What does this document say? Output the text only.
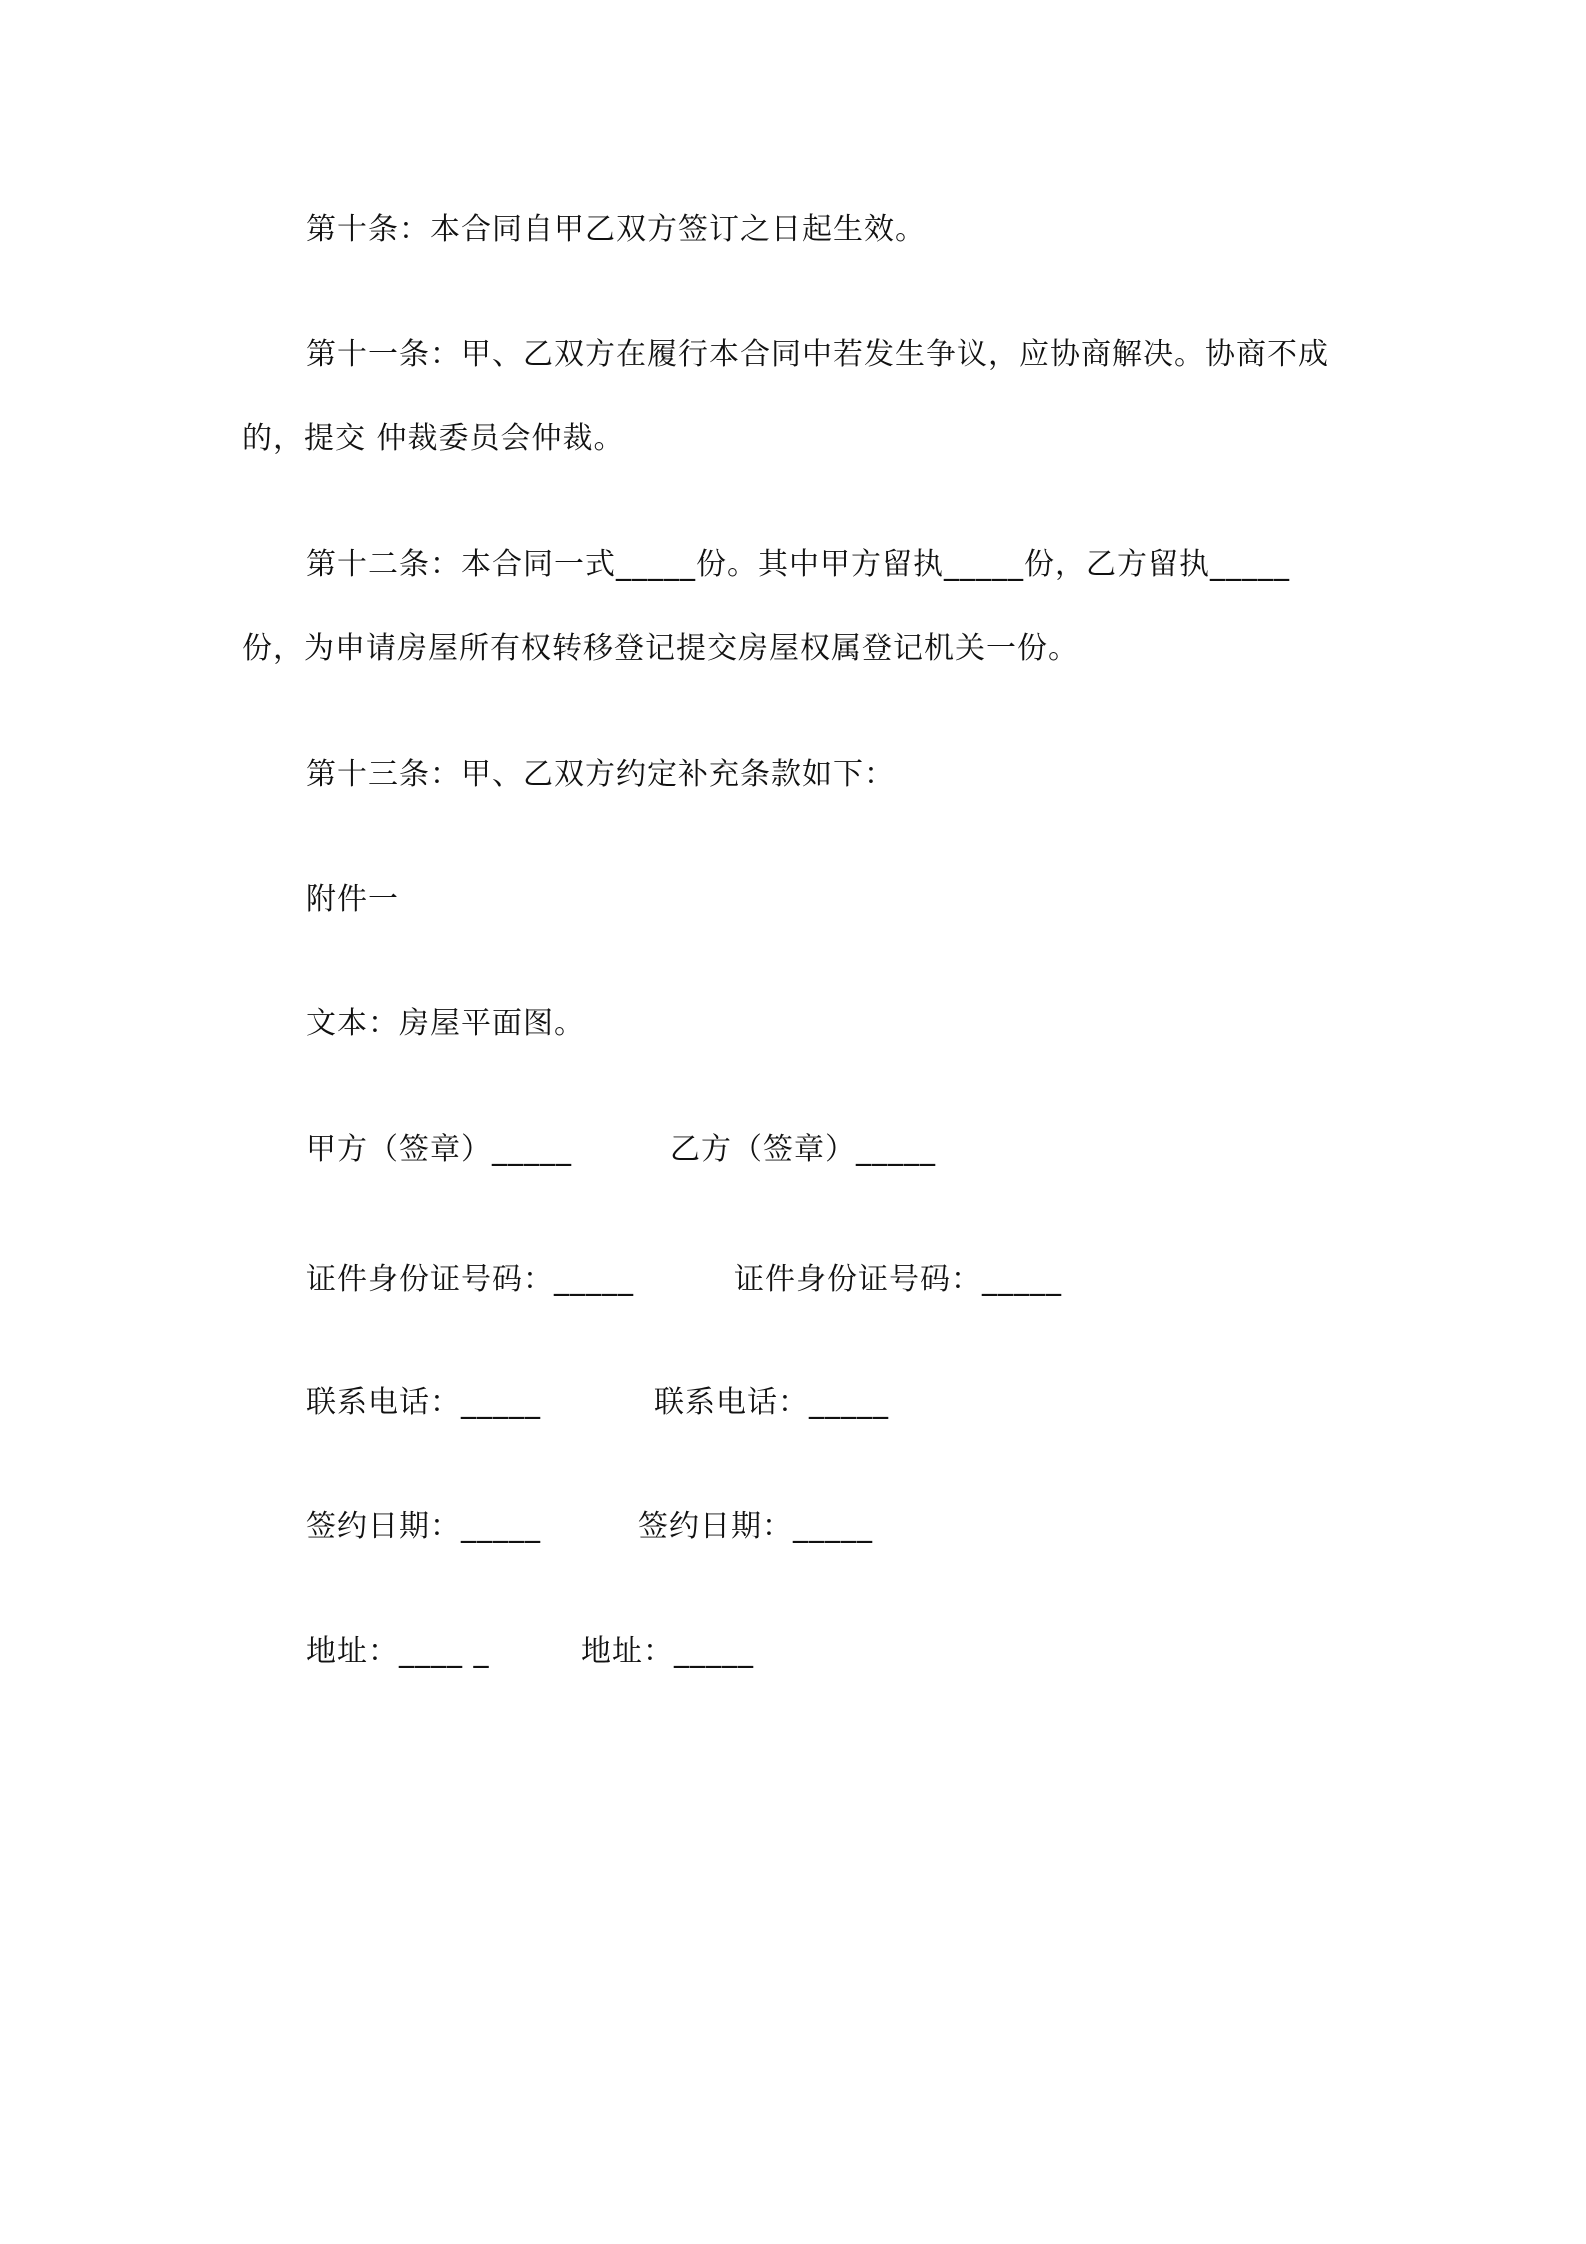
第十条：本合同自甲乙双方签订之日起生效。
第十一条：甲、乙双方在履行本合同中若发生争议，应协商解决。协商不成
的，提交 仲裁委员会仲裁。
第十二条：本合同一式_____份。其中甲方留执_____份，乙方留执_____
份，为申请房屋所有权转移登记提交房屋权属登记机关一份。
第十三条：甲、乙双方约定补充条款如下：
附件一
文本：房屋平面图。
甲方（签章）_____	乙方（签章）_____
证件身份证号码：_____	证件身份证号码：_____
联系电话：_____	联系电话：_____
签约日期：_____	签约日期：_____
地址：____ _	地址：_____
